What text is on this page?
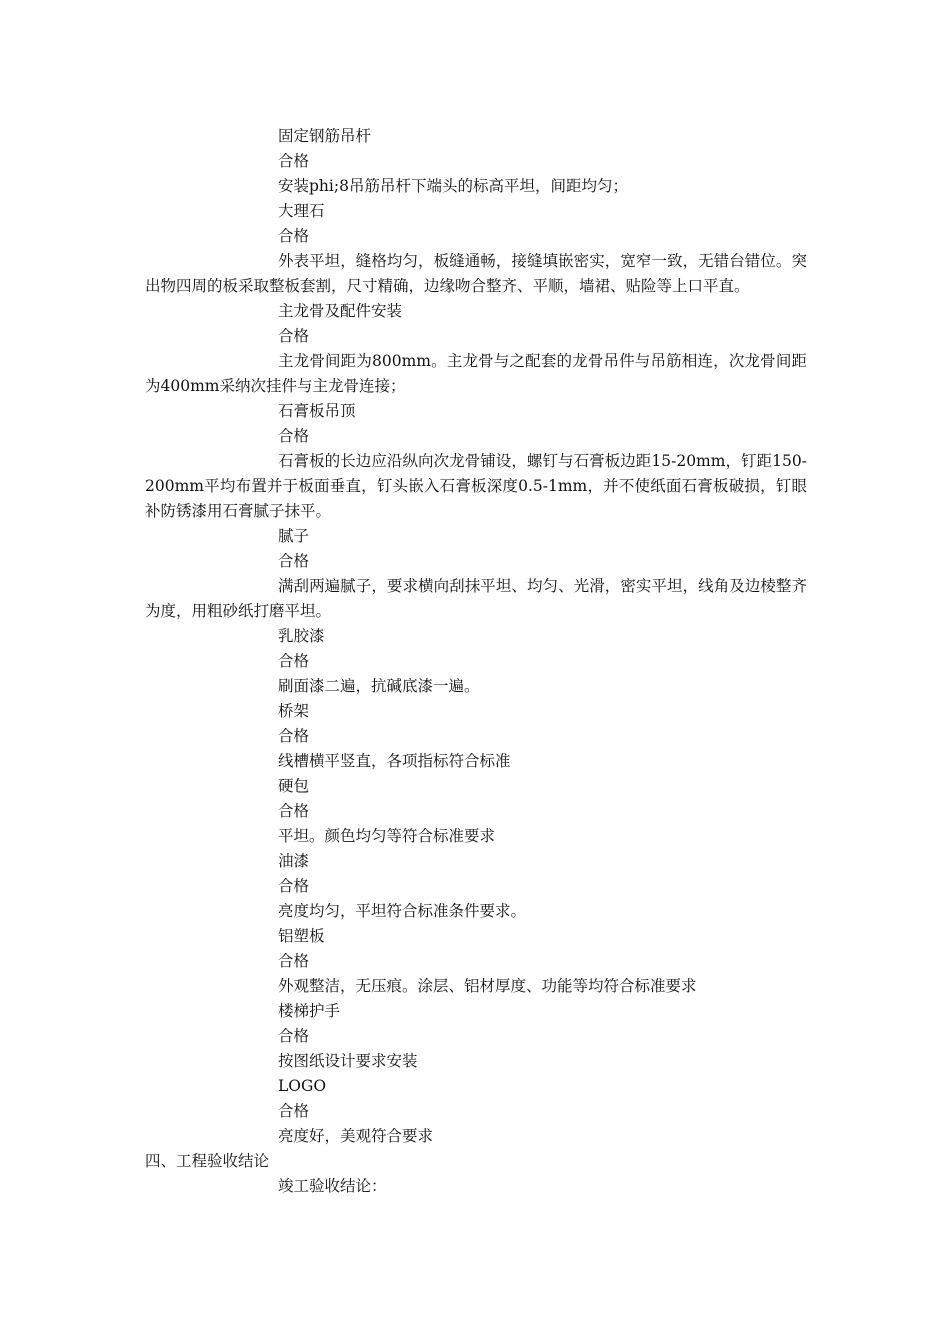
固定钢筋吊杆

合格

安装phi;8吊筋吊杆下端头的标高平坦，间距均匀；

大理石

合格

外表平坦，缝格均匀，板缝通畅，接缝填嵌密实，宽窄一致，无错台错位。突出物四周的板采取整板套割，尺寸精确，边缘吻合整齐、平顺，墙裙、贴险等上口平直。

主龙骨及配件安装

合格

主龙骨间距为800mm。主龙骨与之配套的龙骨吊件与吊筋相连，次龙骨间距为400mm采纳次挂件与主龙骨连接；

石膏板吊顶

合格

石膏板的长边应沿纵向次龙骨铺设，螺钉与石膏板边距15-20mm，钉距150-200mm平均布置并于板面垂直，钉头嵌入石膏板深度0.5-1mm，并不使纸面石膏板破损，钉眼补防锈漆用石膏腻子抹平。

腻子

合格

满刮两遍腻子，要求横向刮抹平坦、均匀、光滑，密实平坦，线角及边棱整齐为度，用粗砂纸打磨平坦。

乳胶漆

合格

刷面漆二遍，抗碱底漆一遍。

桥架

合格

线槽横平竖直，各项指标符合标准

硬包

合格

平坦。颜色均匀等符合标准要求

油漆

合格

亮度均匀，平坦符合标准条件要求。

铝塑板

合格

外观整洁，无压痕。涂层、铝材厚度、功能等均符合标准要求

楼梯护手

合格

按图纸设计要求安装

LOGO

合格

亮度好，美观符合要求

四、工程验收结论

竣工验收结论：
